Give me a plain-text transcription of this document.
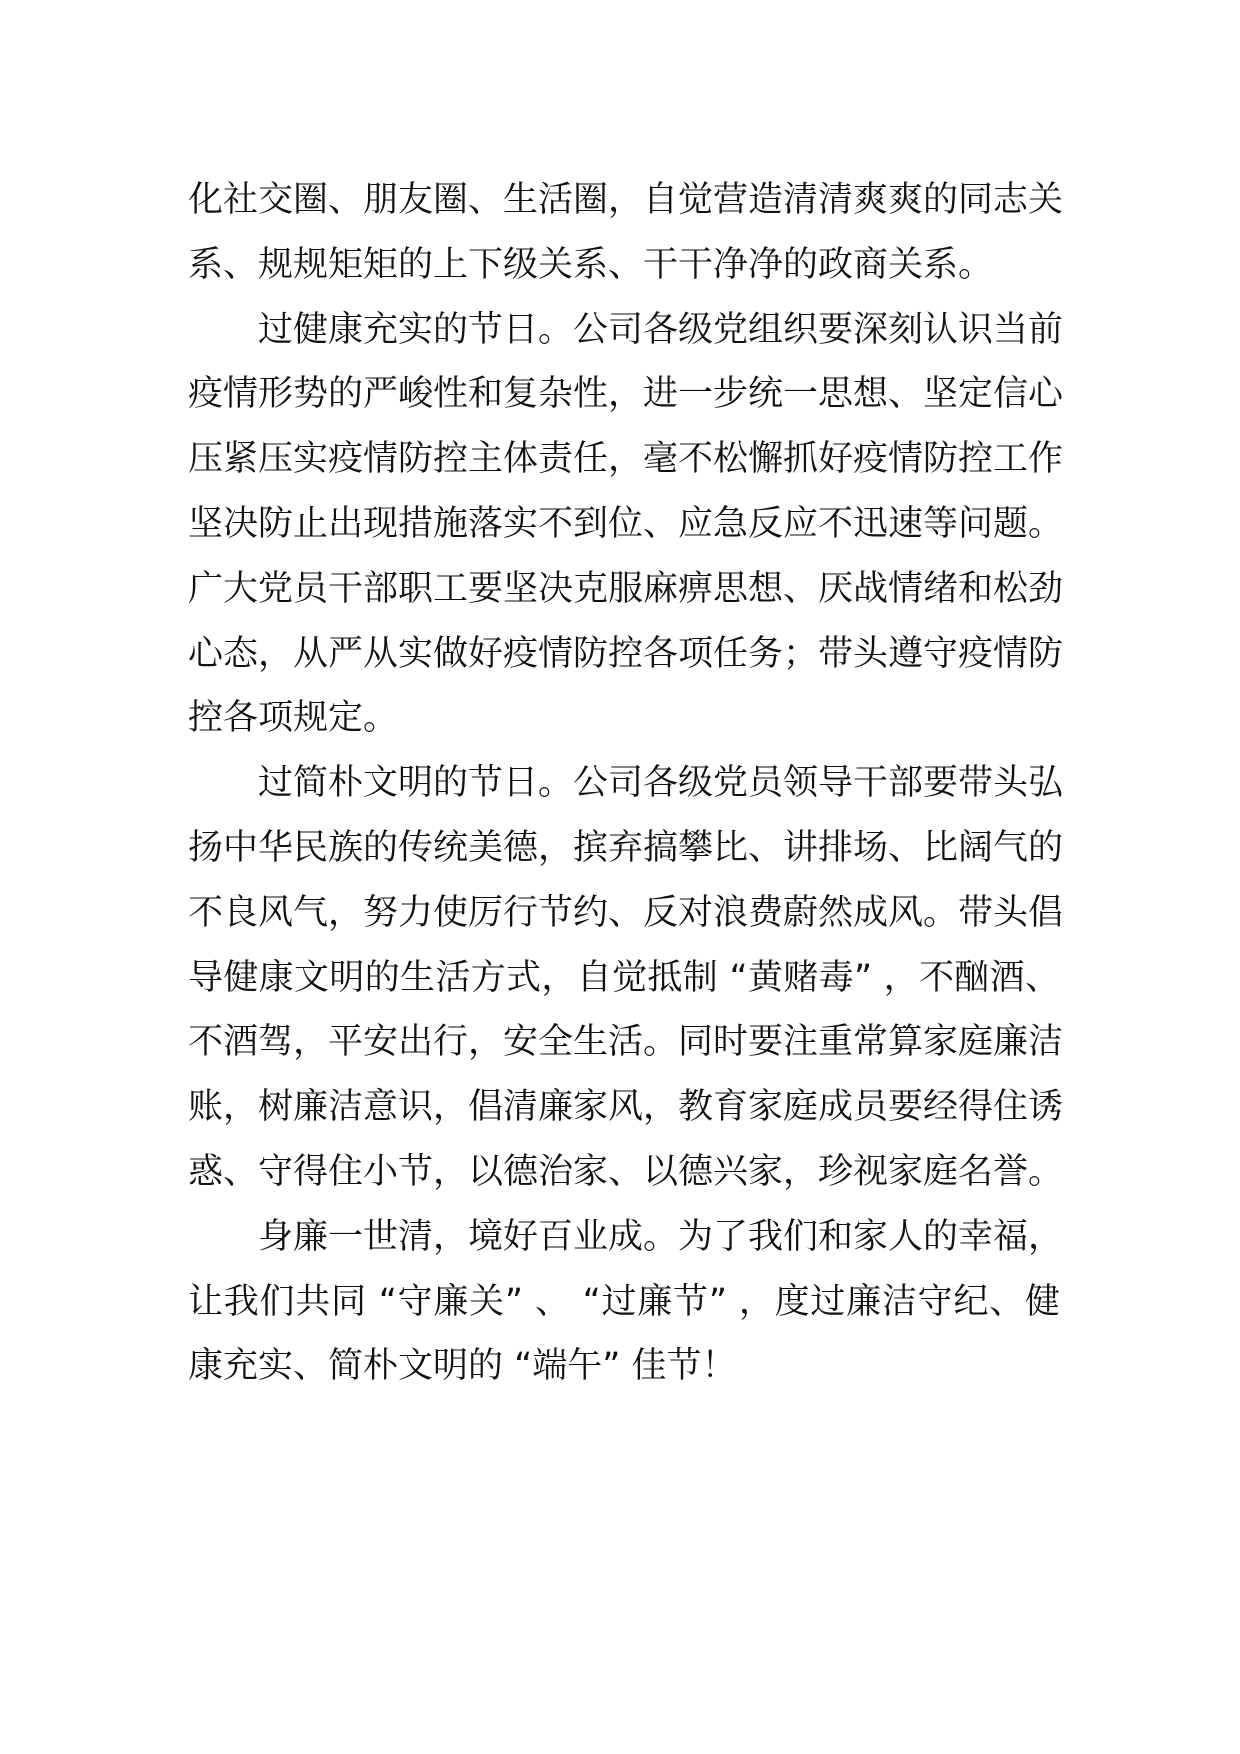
化社交圈、朋友圈、生活圈，自觉营造清清爽爽的同志关
系、规规矩矩的上下级关系、干干净净的政商关系。
过健康充实的节日。公司各级党组织要深刻认识当前
疫情形势的严峻性和复杂性，进一步统一思想、坚定信心
压紧压实疫情防控主体责任，毫不松懈抓好疫情防控工作
坚决防止出现措施落实不到位、应急反应不迅速等问题。
广大党员干部职工要坚决克服麻痹思想、厌战情绪和松劲
心态，从严从实做好疫情防控各项任务；带头遵守疫情防
控各项规定。
过简朴文明的节日。公司各级党员领导干部要带头弘
扬中华民族的传统美德，摈弃搞攀比、讲排场、比阔气的
不良风气，努力使厉行节约、反对浪费蔚然成风。带头倡
导健康文明的生活方式，自觉抵制 “黄赌毒” ，不酗酒、
不酒驾，平安出行，安全生活。同时要注重常算家庭廉洁
账，树廉洁意识，倡清廉家风，教育家庭成员要经得住诱
惑、守得住小节，以德治家、以德兴家，珍视家庭名誉。
身廉一世清，境好百业成。为了我们和家人的幸福，
让我们共同 “守廉关” 、 “过廉节” ，度过廉洁守纪、健
康充实、简朴文明的 “端午” 佳节！
